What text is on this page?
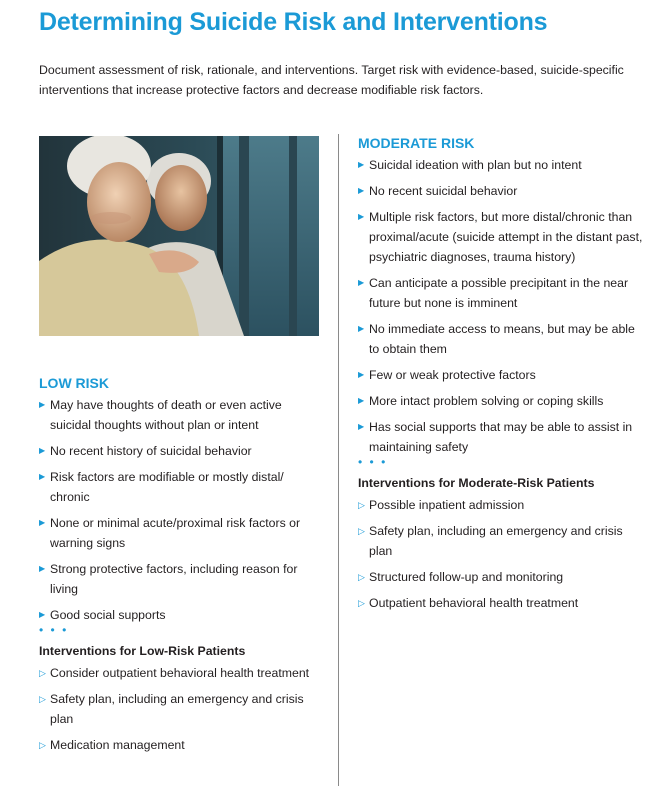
Determining Suicide Risk and Interventions

Document assessment of risk, rationale, and interventions. Target risk with evidence-based, suicide-specific interventions that increase protective factors and decrease modifiable risk factors.

LOW RISK
▶ May have thoughts of death or even active suicidal thoughts without plan or intent
▶ No recent history of suicidal behavior
▶ Risk factors are modifiable or mostly distal/ chronic
▶ None or minimal acute/proximal risk factors or warning signs
▶ Strong protective factors, including reason for living
▶ Good social supports
• • •
Interventions for Low-Risk Patients
▷ Consider outpatient behavioral health treatment
▷ Safety plan, including an emergency and crisis plan
▷ Medication management
MODERATE RISK
▶ Suicidal ideation with plan but no intent
▶ No recent suicidal behavior
▶ Multiple risk factors, but more distal/chronic than proximal/acute (suicide attempt in the distant past, psychiatric diagnoses, trauma history)
▶ Can anticipate a possible precipitant in the near future but none is imminent
▶ No immediate access to means, but may be able to obtain them
▶ Few or weak protective factors
▶ More intact problem solving or coping skills
▶ Has social supports that may be able to assist in maintaining safety
• • •
Interventions for Moderate-Risk Patients
▷ Possible inpatient admission
▷ Safety plan, including an emergency and crisis plan
▷ Structured follow-up and monitoring
▷ Outpatient behavioral health treatment
